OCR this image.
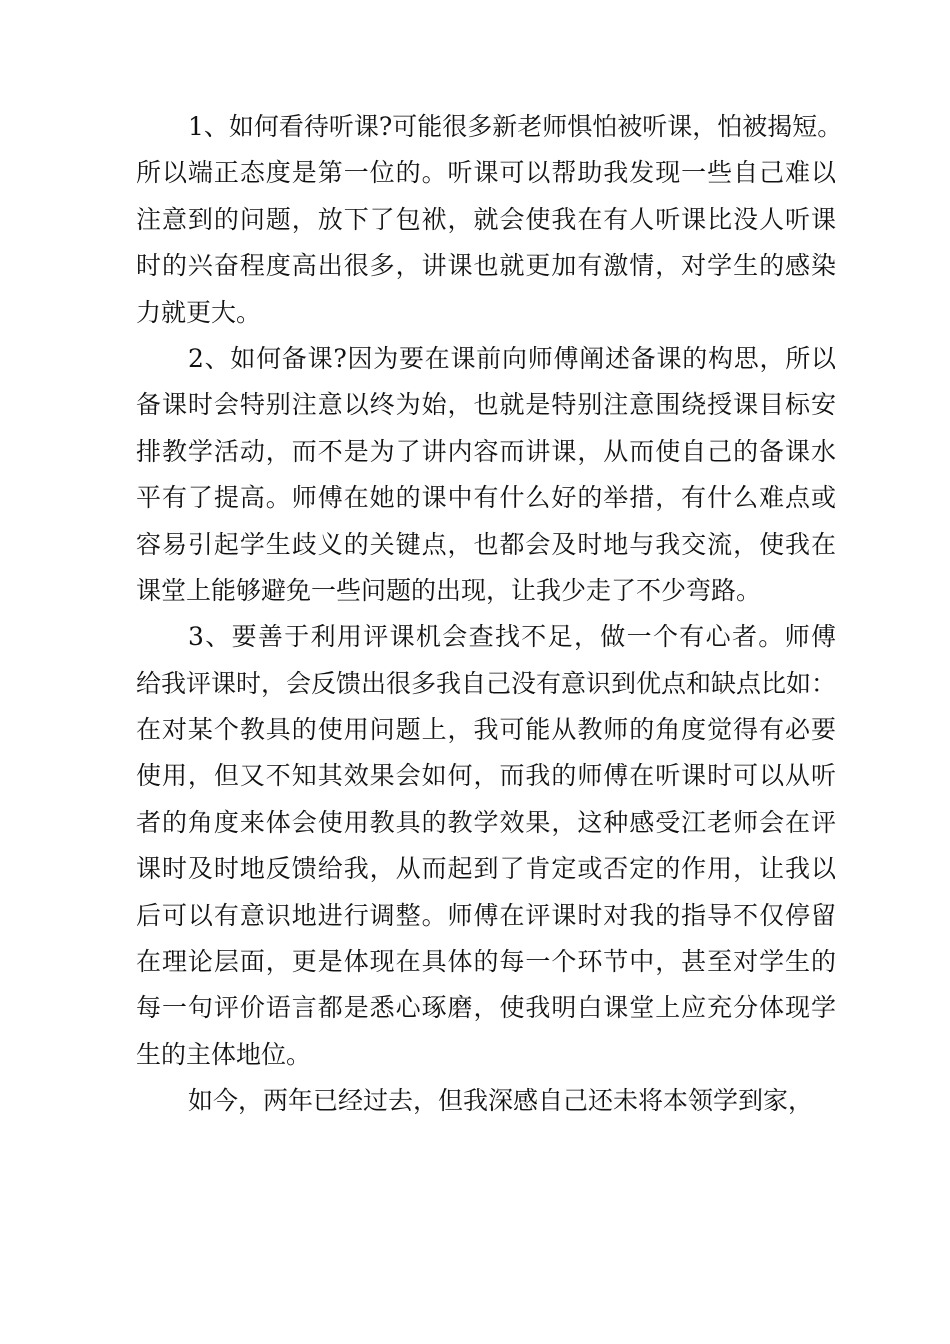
1、如何看待听课?可能很多新老师惧怕被听课，怕被揭短。
所以端正态度是第一位的。听课可以帮助我发现一些自己难以
注意到的问题，放下了包袱，就会使我在有人听课比没人听课
时的兴奋程度高出很多，讲课也就更加有激情，对学生的感染
力就更大。
2、如何备课?因为要在课前向师傅阐述备课的构思，所以
备课时会特别注意以终为始，也就是特别注意围绕授课目标安
排教学活动，而不是为了讲内容而讲课，从而使自己的备课水
平有了提高。师傅在她的课中有什么好的举措，有什么难点或
容易引起学生歧义的关键点，也都会及时地与我交流，使我在
课堂上能够避免一些问题的出现，让我少走了不少弯路。
3、要善于利用评课机会查找不足，做一个有心者。师傅
给我评课时，会反馈出很多我自己没有意识到优点和缺点比如：
在对某个教具的使用问题上，我可能从教师的角度觉得有必要
使用，但又不知其效果会如何，而我的师傅在听课时可以从听
者的角度来体会使用教具的教学效果，这种感受江老师会在评
课时及时地反馈给我，从而起到了肯定或否定的作用，让我以
后可以有意识地进行调整。师傅在评课时对我的指导不仅停留
在理论层面，更是体现在具体的每一个环节中，甚至对学生的
每一句评价语言都是悉心琢磨，使我明白课堂上应充分体现学
生的主体地位。
如今，两年已经过去，但我深感自己还未将本领学到家，
